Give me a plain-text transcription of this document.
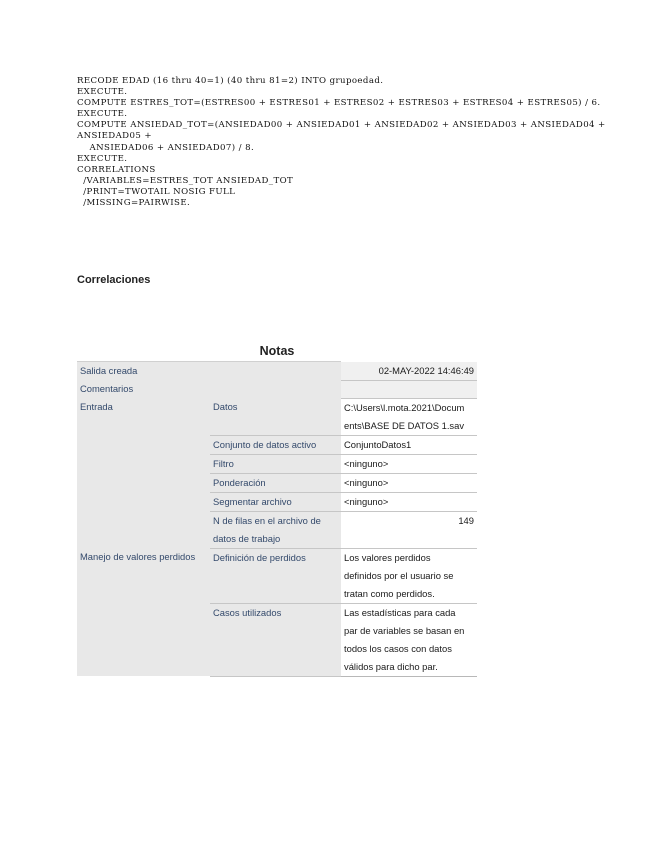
RECODE EDAD (16 thru 40=1) (40 thru 81=2) INTO grupoedad.
EXECUTE.
COMPUTE ESTRES_TOT=(ESTRES00 + ESTRES01 + ESTRES02 + ESTRES03 + ESTRES04 + ESTRES05) / 6.
EXECUTE.
COMPUTE ANSIEDAD_TOT=(ANSIEDAD00 + ANSIEDAD01 + ANSIEDAD02 + ANSIEDAD03 + ANSIEDAD04 +
ANSIEDAD05 +
ANSIEDAD06 + ANSIEDAD07) / 8.
EXECUTE.
CORRELATIONS
/VARIABLES=ESTRES_TOT ANSIEDAD_TOT
/PRINT=TWOTAIL NOSIG FULL
/MISSING=PAIRWISE.
Correlaciones
Notas
Salida creada		02-MAY-2022 14:46:49
Comentarios		
Entrada	Datos	C:\Users\l.mota.2021\Docum
ents\BASE DE DATOS 1.sav
	Conjunto de datos activo	ConjuntoDatos1
	Filtro	<ninguno>
	Ponderación	<ninguno>
	Segmentar archivo	<ninguno>
	N de filas en el archivo de
datos de trabajo	149
Manejo de valores perdidos	Definición de perdidos	Los valores perdidos
definidos por el usuario se
tratan como perdidos.
	Casos utilizados	Las estadísticas para cada
par de variables se basan en
todos los casos con datos
válidos para dicho par.
